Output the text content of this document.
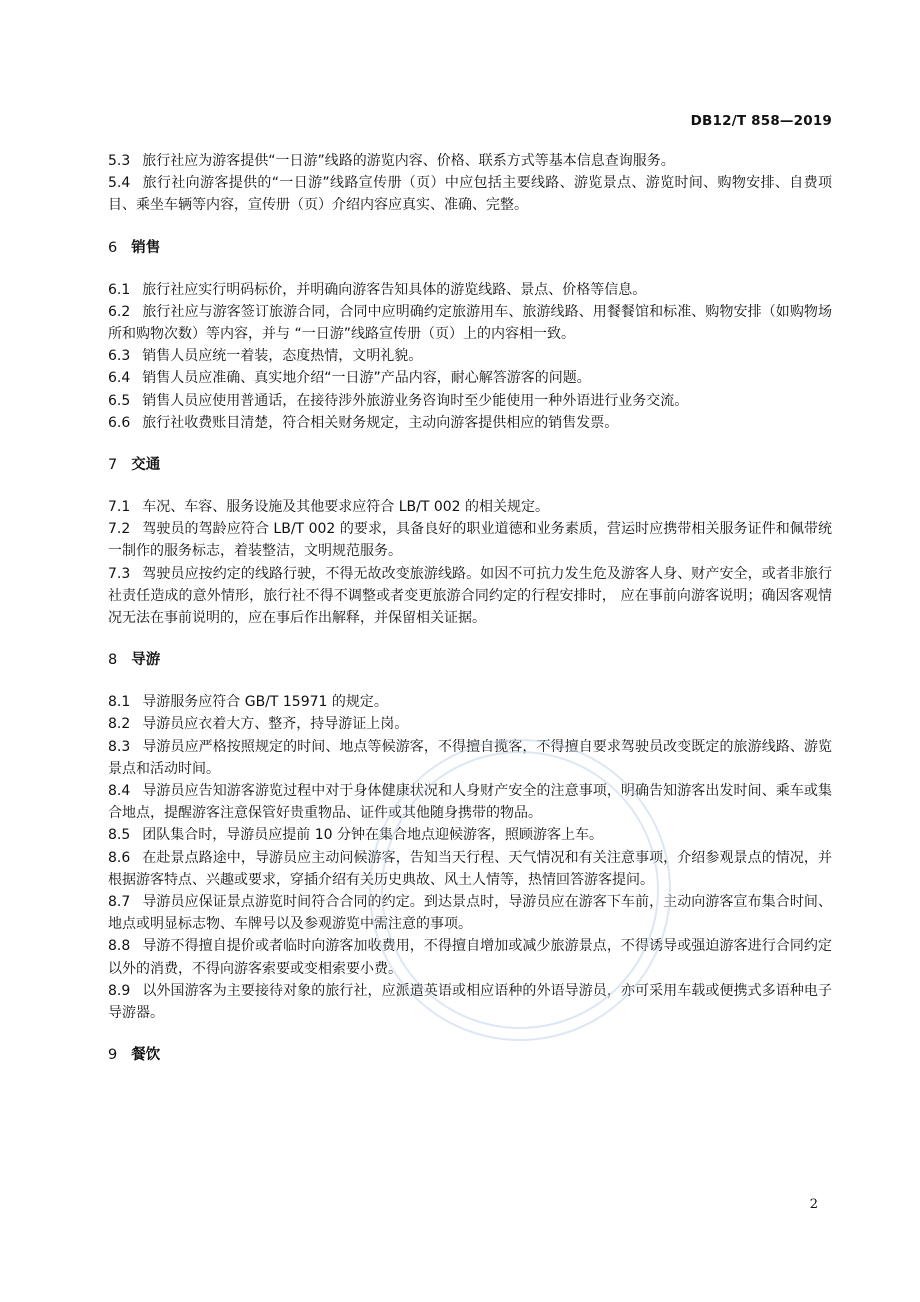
DB12/T 858—2019

5.3 旅行社应为游客提供“一日游”线路的游览内容、价格、联系方式等基本信息查询服务。

5.4 旅行社向游客提供的“一日游”线路宣传册（页）中应包括主要线路、游览景点、游览时间、购物安排、自费项目、乘坐车辆等内容，宣传册（页）介绍内容应真实、准确、完整。

6 销售

6.1 旅行社应实行明码标价，并明确向游客告知具体的游览线路、景点、价格等信息。

6.2 旅行社应与游客签订旅游合同，合同中应明确约定旅游用车、旅游线路、用餐餐馆和标准、购物安排（如购物场所和购物次数）等内容，并与 “一日游”线路宣传册（页）上的内容相一致。

6.3 销售人员应统一着装，态度热情，文明礼貌。

6.4 销售人员应准确、真实地介绍“一日游”产品内容，耐心解答游客的问题。

6.5 销售人员应使用普通话，在接待涉外旅游业务咨询时至少能使用一种外语进行业务交流。

6.6 旅行社收费账目清楚，符合相关财务规定，主动向游客提供相应的销售发票。

7 交通

7.1 车况、车容、服务设施及其他要求应符合 LB/T 002 的相关规定。

7.2 驾驶员的驾龄应符合 LB/T 002 的要求，具备良好的职业道德和业务素质，营运时应携带相关服务证件和佩带统一制作的服务标志，着装整洁，文明规范服务。

7.3 驾驶员应按约定的线路行驶，不得无故改变旅游线路。如因不可抗力发生危及游客人身、财产安全，或者非旅行社责任造成的意外情形，旅行社不得不调整或者变更旅游合同约定的行程安排时， 应在事前向游客说明；确因客观情况无法在事前说明的，应在事后作出解释，并保留相关证据。

8 导游

8.1 导游服务应符合 GB/T 15971 的规定。

8.2 导游员应衣着大方、整齐，持导游证上岗。

8.3 导游员应严格按照规定的时间、地点等候游客，不得擅自揽客，不得擅自要求驾驶员改变既定的旅游线路、游览景点和活动时间。

8.4 导游员应告知游客游览过程中对于身体健康状况和人身财产安全的注意事项，明确告知游客出发时间、乘车或集合地点，提醒游客注意保管好贵重物品、证件或其他随身携带的物品。

8.5 团队集合时，导游员应提前 10 分钟在集合地点迎候游客，照顾游客上车。

8.6 在赴景点路途中，导游员应主动问候游客，告知当天行程、天气情况和有关注意事项，介绍参观景点的情况，并根据游客特点、兴趣或要求，穿插介绍有关历史典故、风土人情等，热情回答游客提问。

8.7 导游员应保证景点游览时间符合合同的约定。到达景点时，导游员应在游客下车前，主动向游客宣布集合时间、地点或明显标志物、车牌号以及参观游览中需注意的事项。

8.8 导游不得擅自提价或者临时向游客加收费用，不得擅自增加或减少旅游景点，不得诱导或强迫游客进行合同约定以外的消费，不得向游客索要或变相索要小费。

8.9 以外国游客为主要接待对象的旅行社，应派遣英语或相应语种的外语导游员，亦可采用车载或便携式多语种电子导游器。

9 餐饮
2
